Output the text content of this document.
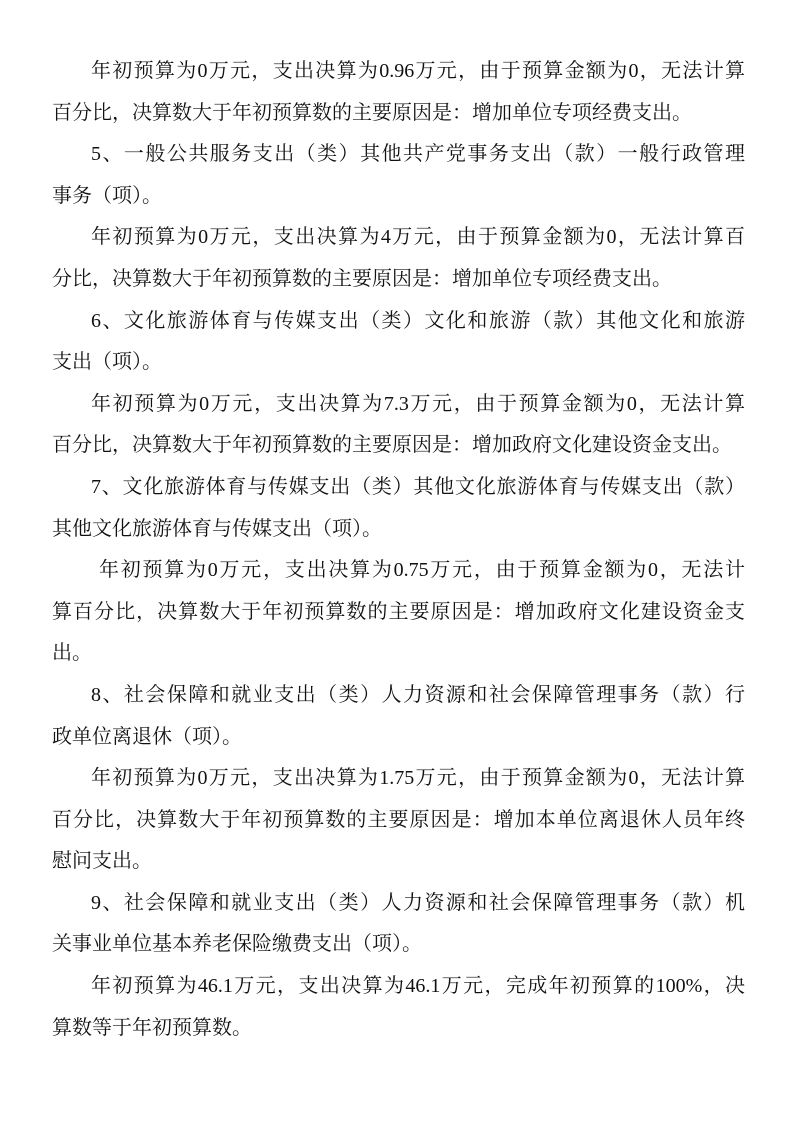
年初预算为0万元，支出决算为0.96万元，由于预算金额为0，无法计算
百分比，决算数大于年初预算数的主要原因是：增加单位专项经费支出。
5、一般公共服务支出（类）其他共产党事务支出（款）一般行政管理
事务（项）。
年初预算为0万元，支出决算为4万元，由于预算金额为0，无法计算百
分比，决算数大于年初预算数的主要原因是：增加单位专项经费支出。
6、文化旅游体育与传媒支出（类）文化和旅游（款）其他文化和旅游
支出（项）。
年初预算为0万元，支出决算为7.3万元，由于预算金额为0，无法计算
百分比，决算数大于年初预算数的主要原因是：增加政府文化建设资金支出。
7、文化旅游体育与传媒支出（类）其他文化旅游体育与传媒支出（款）
其他文化旅游体育与传媒支出（项）。
年初预算为0万元，支出决算为0.75万元，由于预算金额为0，无法计
算百分比，决算数大于年初预算数的主要原因是：增加政府文化建设资金支
出。
8、社会保障和就业支出（类）人力资源和社会保障管理事务（款）行
政单位离退休（项）。
年初预算为0万元，支出决算为1.75万元，由于预算金额为0，无法计算
百分比，决算数大于年初预算数的主要原因是：增加本单位离退休人员年终
慰问支出。
9、社会保障和就业支出（类）人力资源和社会保障管理事务（款）机
关事业单位基本养老保险缴费支出（项）。
年初预算为46.1万元，支出决算为46.1万元，完成年初预算的100%，决
算数等于年初预算数。
